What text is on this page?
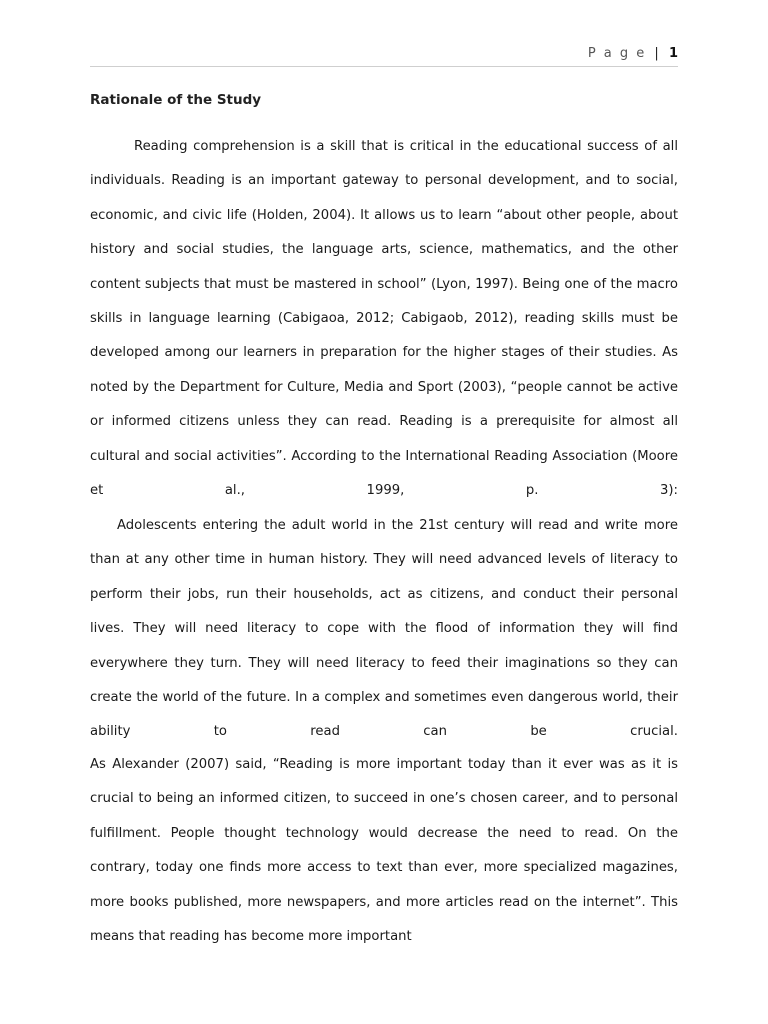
P a g e | 1
Rationale of the Study
Reading comprehension is a skill that is critical in the educational success of all individuals. Reading is an important gateway to personal development, and to social, economic, and civic life (Holden, 2004). It allows us to learn “about other people, about history and social studies, the language arts, science, mathematics, and the other content subjects that must be mastered in school” (Lyon, 1997). Being one of the macro skills in language learning (Cabigaoa, 2012; Cabigaob, 2012), reading skills must be developed among our learners in preparation for the higher stages of their studies. As noted by the Department for Culture, Media and Sport (2003), “people cannot be active or informed citizens unless they can read. Reading is a prerequisite for almost all cultural and social activities”. According to the International Reading Association (Moore et al., 1999, p. 3):
Adolescents entering the adult world in the 21st century will read and write more than at any other time in human history. They will need advanced levels of literacy to perform their jobs, run their households, act as citizens, and conduct their personal lives. They will need literacy to cope with the flood of information they will find everywhere they turn. They will need literacy to feed their imaginations so they can create the world of the future. In a complex and sometimes even dangerous world, their ability to read can be crucial.
As Alexander (2007) said, “Reading is more important today than it ever was as it is crucial to being an informed citizen, to succeed in one’s chosen career, and to personal fulfillment. People thought technology would decrease the need to read. On the contrary, today one finds more access to text than ever, more specialized magazines, more books published, more newspapers, and more articles read on the internet”. This means that reading has become more important
